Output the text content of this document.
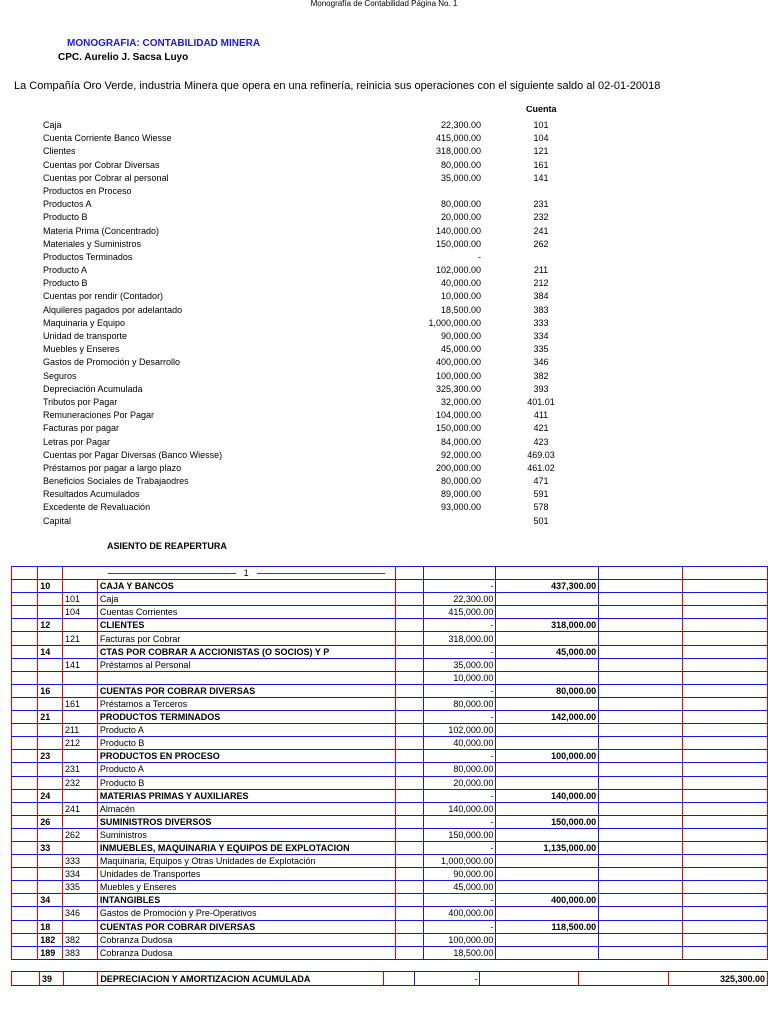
Monografía de Contabilidad Página No. 1
MONOGRAFIA: CONTABILIDAD MINERA
CPC. Aurelio J. Sacsa Luyo
La Compañía Oro Verde, industria Minera que opera en una refinería, reinicia sus operaciones con el siguiente saldo al 02-01-20018
Cuenta
Caja	22,300.00	101
Cuenta Corriente Banco Wiesse	415,000.00	104
Clientes	318,000.00	121
Cuentas por Cobrar Diversas	80,000.00	161
Cuentas por Cobrar al personal	35,000.00	141
Productos en Proceso
Productos A	80,000.00	231
Producto B	20,000.00	232
Materia Prima (Concentrado)	140,000.00	241
Materiales y Suministros	150,000.00	262
Productos Terminados	-
Producto A	102,000.00	211
Producto B	40,000.00	212
Cuentas por rendir (Contador)	10,000.00	384
Alquileres pagados por adelantado	18,500.00	383
Maquinaria y Equipo	1,000,000.00	333
Unidad de transporte	90,000.00	334
Muebles y Enseres	45,000.00	335
Gastos de Promoción y Desarrollo	400,000.00	346
Seguros	100,000.00	382
Depreciación Acumulada	325,300.00	393
Tributos por Pagar	32,000.00	401.01
Remuneraciones Por Pagar	104,000.00	411
Facturas por pagar	150,000.00	421
Letras por Pagar	84,000.00	423
Cuentas por Pagar Diversas (Banco Wiesse)	92,000.00	469.03
Préstamos por pagar a largo plazo	200,000.00	461.02
Beneficios Sociales de Trabajaodres	80,000.00	471
Resultados Acumulados	89,000.00	591
Excedente de Revaluación	93,000.00	578
Capital	501
ASIENTO DE REAPERTURA
			1					
	10		CAJA Y BANCOS		-	437,300.00		
		101	Caja		22,300.00			
		104	Cuentas Corrientes		415,000.00			
	12		CLIENTES		-	318,000.00		
		121	Facturas por Cobrar		318,000.00			
	14		CTAS POR COBRAR A ACCIONISTAS (O SOCIOS) Y P		-	45,000.00		
		141	Préstamos al Personal		35,000.00			
					10,000.00			
	16		CUENTAS POR COBRAR DIVERSAS		-	80,000.00		
		161	Préstamos a Terceros		80,000.00			
	21		PRODUCTOS TERMINADOS		-	142,000.00		
		211	Producto A		102,000.00			
		212	Producto B		40,000.00			
	23		PRODUCTOS EN PROCESO		-	100,000.00		
		231	Producto A		80,000.00			
		232	Producto B		20,000.00			
	24		MATERIAS PRIMAS Y AUXILIARES		-	140,000.00		
		241	Almacén		140,000.00			
	26		SUMINISTROS DIVERSOS		-	150,000.00		
		262	Suministros		150,000.00			
	33		INMUEBLES, MAQUINARIA Y EQUIPOS DE EXPLOTACION		-	1,135,000.00		
		333	Maquinaria, Equipos y Otras Unidades de Explotación		1,000,000.00			
		334	Unidades de Transportes		90,000.00			
		335	Muebles y Enseres		45,000.00			
	34		INTANGIBLES		-	400,000.00		
		346	Gastos de Promoción y Pre-Operativos		400,000.00			
	18		CUENTAS POR COBRAR DIVERSAS		-	118,500.00		
	182	382	Cobranza Dudosa		100,000.00			
	189	383	Cobranza Dudosa		18,500.00			
	39		DEPRECIACION Y AMORTIZACION ACUMULADA		-			325,300.00
